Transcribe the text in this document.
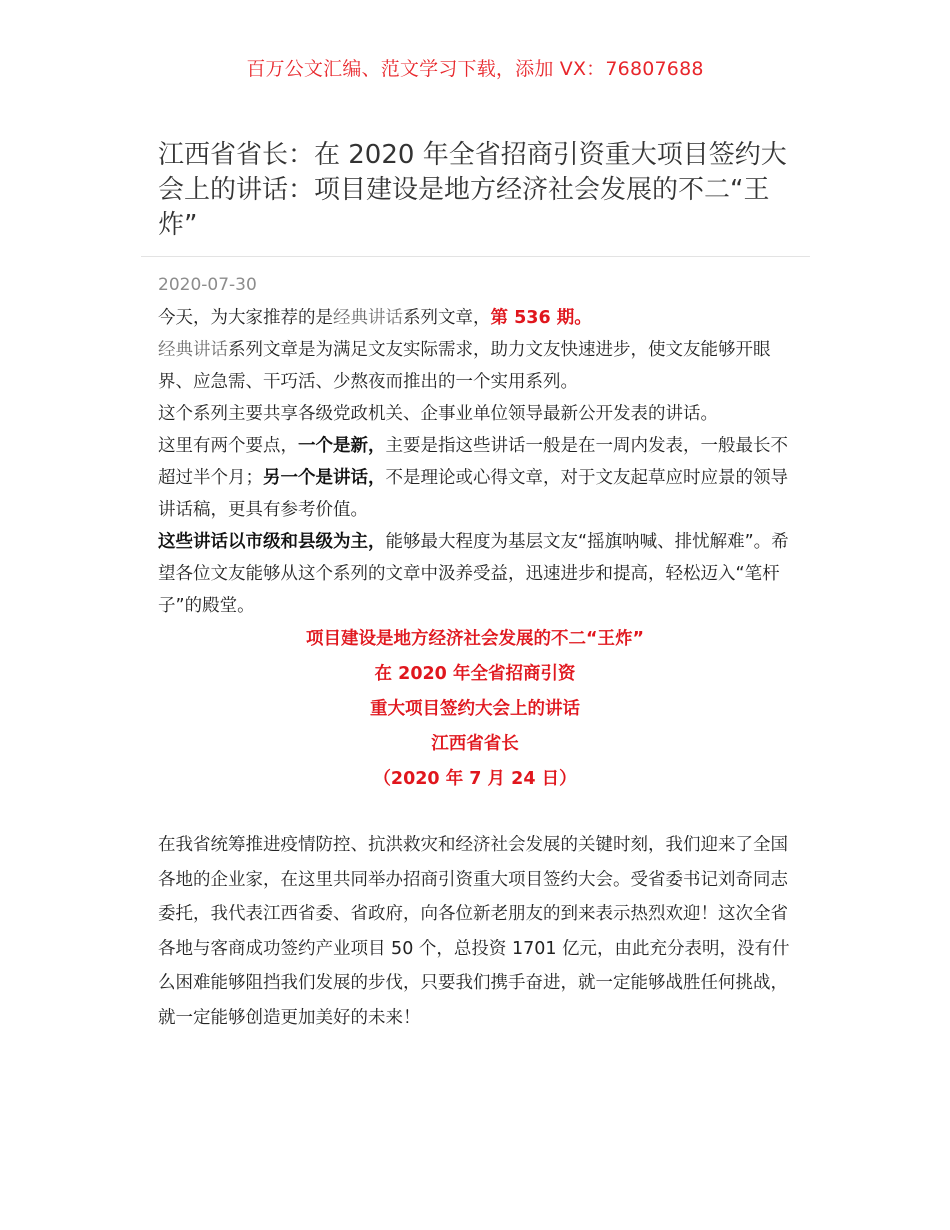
百万公文汇编、范文学习下载，添加 VX：76807688
江西省省长：在 2020 年全省招商引资重大项目签约大会上的讲话：项目建设是地方经济社会发展的不二“王炸”
2020-07-30

今天，为大家推荐的是经典讲话系列文章，第 536 期。

经典讲话系列文章是为满足文友实际需求，助力文友快速进步，使文友能够开眼界、应急需、干巧活、少熬夜而推出的一个实用系列。

这个系列主要共享各级党政机关、企事业单位领导最新公开发表的讲话。

这里有两个要点，一个是新，主要是指这些讲话一般是在一周内发表，一般最长不超过半个月；另一个是讲话，不是理论或心得文章，对于文友起草应时应景的领导讲话稿，更具有参考价值。

这些讲话以市级和县级为主，能够最大程度为基层文友“摇旗呐喊、排忧解难”。希望各位文友能够从这个系列的文章中汲养受益，迅速进步和提高，轻松迈入“笔杆子”的殿堂。

项目建设是地方经济社会发展的不二“王炸”
在 2020 年全省招商引资
重大项目签约大会上的讲话
江西省省长
（2020 年 7 月 24 日）

在我省统筹推进疫情防控、抗洪救灾和经济社会发展的关键时刻，我们迎来了全国各地的企业家，在这里共同举办招商引资重大项目签约大会。受省委书记刘奇同志委托，我代表江西省委、省政府，向各位新老朋友的到来表示热烈欢迎！这次全省各地与客商成功签约产业项目 50 个，总投资 1701 亿元，由此充分表明，没有什么困难能够阻挡我们发展的步伐，只要我们携手奋进，就一定能够战胜任何挑战，就一定能够创造更加美好的未来！
